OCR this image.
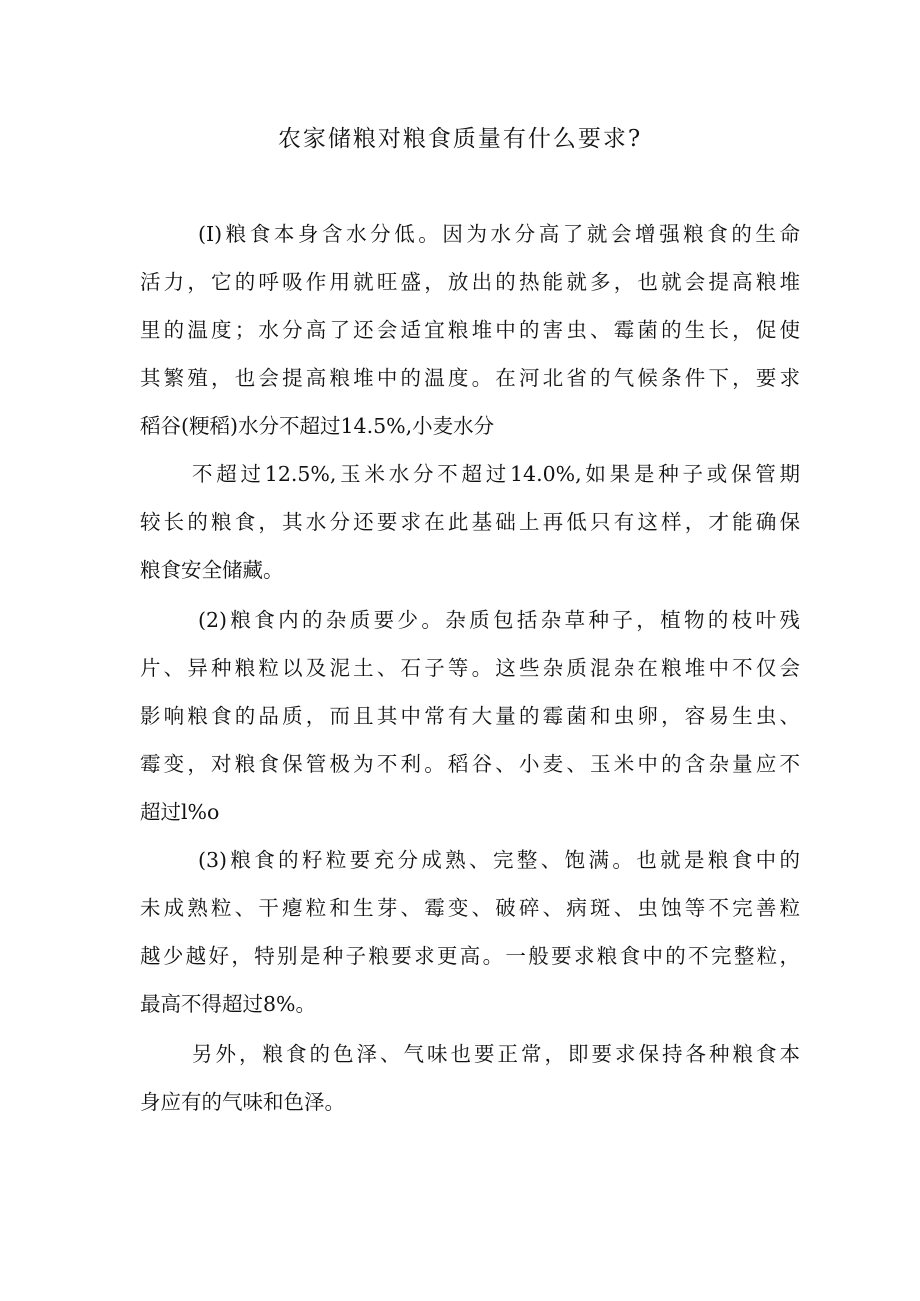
农家储粮对粮食质量有什么要求?

(I)粮食本身含水分低。因为水分高了就会增强粮食的生命

活力，它的呼吸作用就旺盛，放出的热能就多，也就会提高粮堆

里的温度；水分高了还会适宜粮堆中的害虫、霉菌的生长，促使

其繁殖，也会提高粮堆中的温度。在河北省的气候条件下，要求

稻谷(粳稻)水分不超过14.5%,小麦水分

不超过12.5%,玉米水分不超过14.0%,如果是种子或保管期

较长的粮食，其水分还要求在此基础上再低只有这样，才能确保

粮食安全储藏。

(2)粮食内的杂质要少。杂质包括杂草种子，植物的枝叶残

片、异种粮粒以及泥土、石子等。这些杂质混杂在粮堆中不仅会

影响粮食的品质，而且其中常有大量的霉菌和虫卵，容易生虫、

霉变，对粮食保管极为不利。稻谷、小麦、玉米中的含杂量应不

超过l%o

(3)粮食的籽粒要充分成熟、完整、饱满。也就是粮食中的

未成熟粒、干瘪粒和生芽、霉变、破碎、病斑、虫蚀等不完善粒

越少越好，特别是种子粮要求更高。一般要求粮食中的不完整粒，

最高不得超过8%。

另外，粮食的色泽、气味也要正常，即要求保持各种粮食本

身应有的气味和色泽。
